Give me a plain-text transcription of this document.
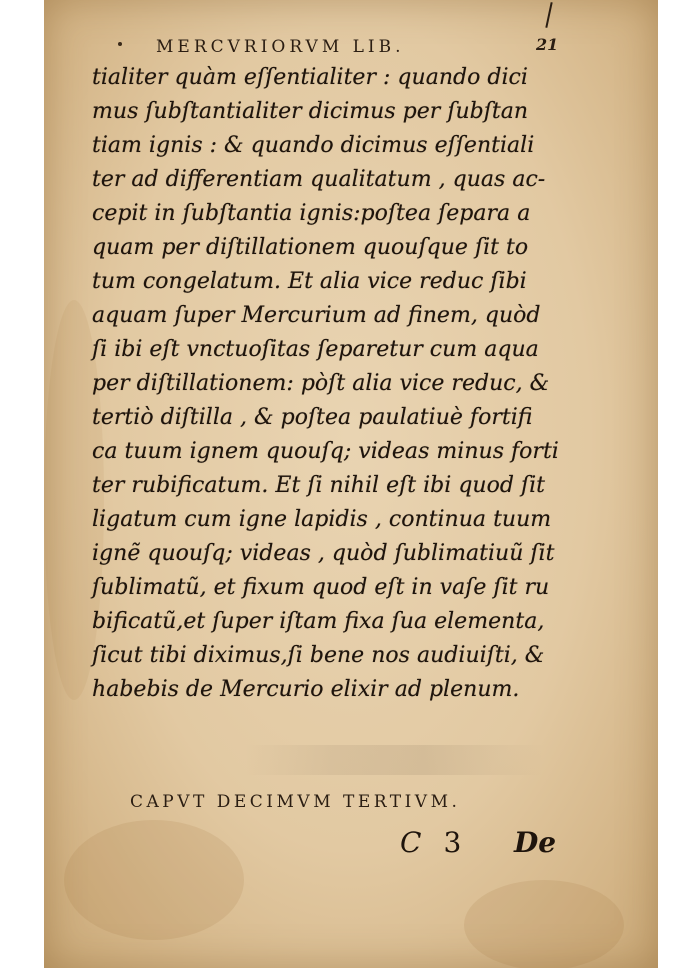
MERCVRIORVM LIB.	21
tialiter quàm eſſentialiter : quando dici
mus ſubſtantialiter dicimus per ſubſtan
tiam ignis : & quando dicimus eſſentiali
ter ad differentiam qualitatum , quas ac-
cepit in ſubſtantia ignis:poſtea ſepara a
quam per diſtillationem quouſque ſit to
tum congelatum. Et alia vice reduc ſibi
aquam ſuper Mercurium ad finem, quòd
ſi ibi eſt vnctuoſitas ſeparetur cum aqua
per diſtillationem: pòſt alia vice reduc, &
tertiò diſtilla , & poſtea paulatiuè fortifi
ca tuum ignem quouſq; videas minus forti
ter rubificatum. Et ſi nihil eſt ibi quod ſit
ligatum cum igne lapidis , continua tuum
ignẽ quouſq; videas , quòd ſublimatiuũ ſit
ſublimatũ, et fixum quod eſt in vaſe ſit ru
bificatũ,et ſuper iſtam fixa ſua elementa,
ſicut tibi diximus,ſi bene nos audiuiſti, &
habebis de Mercurio elixir ad plenum.
CAPVT DECIMVM TERTIVM.
C 3 De
